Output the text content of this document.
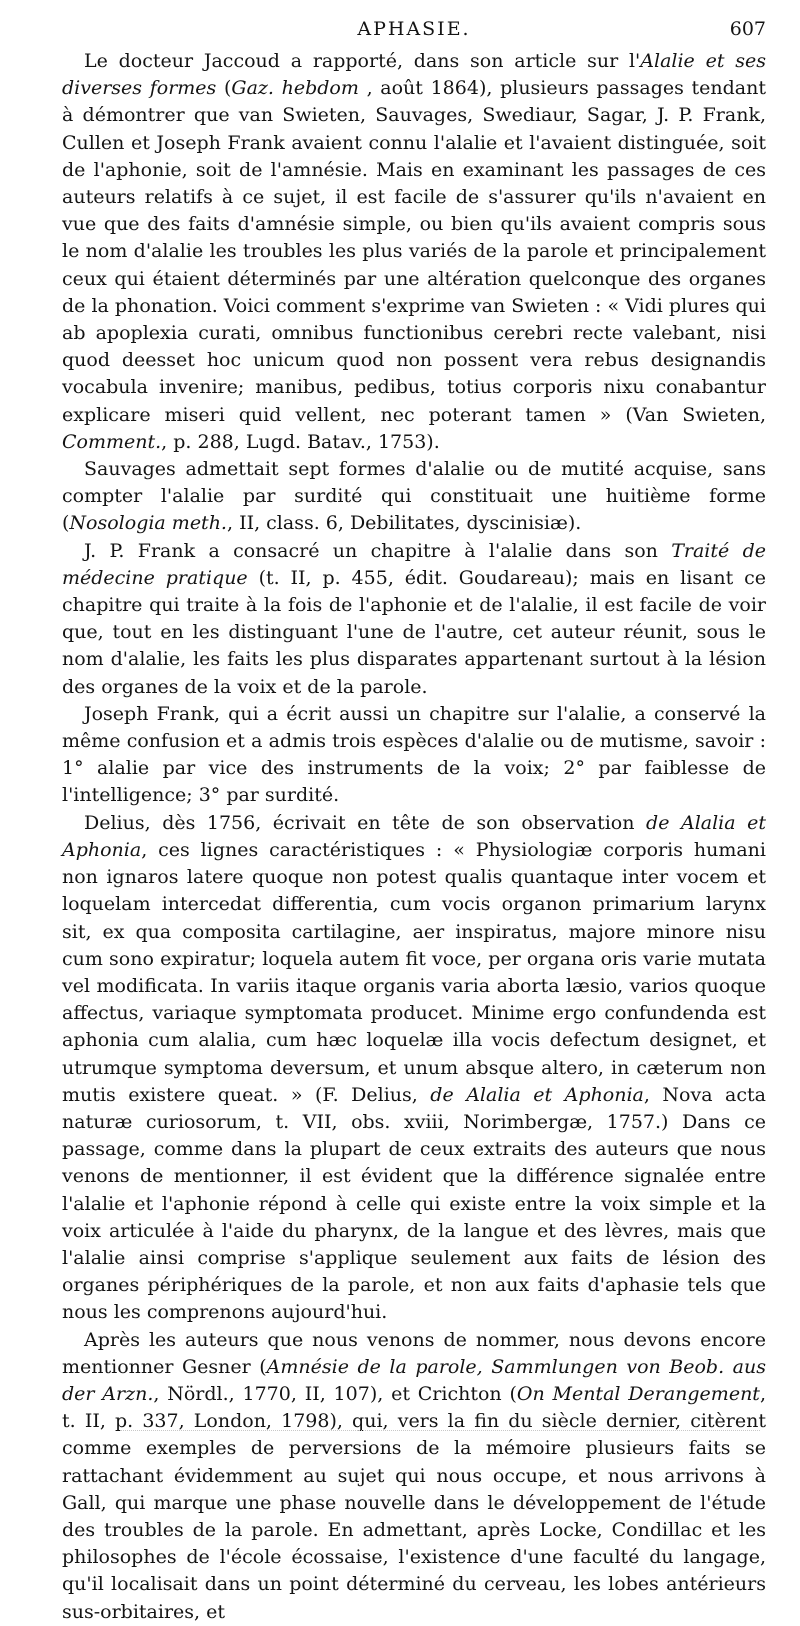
APHASIE.	607

Le docteur Jaccoud a rapporté, dans son article sur l'Alalie et ses diverses formes (Gaz. hebdom , août 1864), plusieurs passages tendant à démontrer que van Swieten, Sauvages, Swediaur, Sagar, J. P. Frank, Cullen et Joseph Frank avaient connu l'alalie et l'avaient distinguée, soit de l'aphonie, soit de l'amnésie. Mais en examinant les passages de ces auteurs relatifs à ce sujet, il est facile de s'assurer qu'ils n'avaient en vue que des faits d'amnésie simple, ou bien qu'ils avaient compris sous le nom d'alalie les troubles les plus variés de la parole et principalement ceux qui étaient déterminés par une altération quelconque des organes de la phonation. Voici comment s'exprime van Swieten : « Vidi plures qui ab apoplexia curati, omnibus functionibus cerebri recte valebant, nisi quod deesset hoc unicum quod non possent vera rebus designandis vocabula invenire; manibus, pedibus, totius corporis nixu conabantur explicare miseri quid vellent, nec poterant tamen » (Van Swieten, Comment., p. 288, Lugd. Batav., 1753).

Sauvages admettait sept formes d'alalie ou de mutité acquise, sans compter l'alalie par surdité qui constituait une huitième forme (Nosologia meth., II, class. 6, Debilitates, dyscinisiæ).

J. P. Frank a consacré un chapitre à l'alalie dans son Traité de médecine pratique (t. II, p. 455, édit. Goudareau); mais en lisant ce chapitre qui traite à la fois de l'aphonie et de l'alalie, il est facile de voir que, tout en les distinguant l'une de l'autre, cet auteur réunit, sous le nom d'alalie, les faits les plus disparates appartenant surtout à la lésion des organes de la voix et de la parole.

Joseph Frank, qui a écrit aussi un chapitre sur l'alalie, a conservé la même confusion et a admis trois espèces d'alalie ou de mutisme, savoir : 1° alalie par vice des instruments de la voix; 2° par faiblesse de l'intelligence; 3° par surdité.

Delius, dès 1756, écrivait en tête de son observation de Alalia et Aphonia, ces lignes caractéristiques : « Physiologiæ corporis humani non ignaros latere quoque non potest qualis quantaque inter vocem et loquelam intercedat differentia, cum vocis organon primarium larynx sit, ex qua composita cartilagine, aer inspiratus, majore minore nisu cum sono expiratur; loquela autem fit voce, per organa oris varie mutata vel modificata. In variis itaque organis varia aborta læsio, varios quoque affectus, variaque symptomata producet. Minime ergo confundenda est aphonia cum alalia, cum hæc loquelæ illa vocis defectum designet, et utrumque symptoma deversum, et unum absque altero, in cæterum non mutis existere queat. » (F. Delius, de Alalia et Aphonia, Nova acta naturæ curiosorum, t. VII, obs. xviii, Norimbergæ, 1757.) Dans ce passage, comme dans la plupart de ceux extraits des auteurs que nous venons de mentionner, il est évident que la différence signalée entre l'alalie et l'aphonie répond à celle qui existe entre la voix simple et la voix articulée à l'aide du pharynx, de la langue et des lèvres, mais que l'alalie ainsi comprise s'applique seulement aux faits de lésion des organes périphériques de la parole, et non aux faits d'aphasie tels que nous les comprenons aujourd'hui.

Après les auteurs que nous venons de nommer, nous devons encore mentionner Gesner (Amnésie de la parole, Sammlungen von Beob. aus der Arzn., Nördl., 1770, II, 107), et Crichton (On Mental Derangement, t. II, p. 337, London, 1798), qui, vers la fin du siècle dernier, citèrent comme exemples de perversions de la mémoire plusieurs faits se rattachant évidemment au sujet qui nous occupe, et nous arrivons à Gall, qui marque une phase nouvelle dans le développement de l'étude des troubles de la parole. En admettant, après Locke, Condillac et les philosophes de l'école écossaise, l'existence d'une faculté du langage, qu'il localisait dans un point déterminé du cerveau, les lobes antérieurs sus-orbitaires, et
